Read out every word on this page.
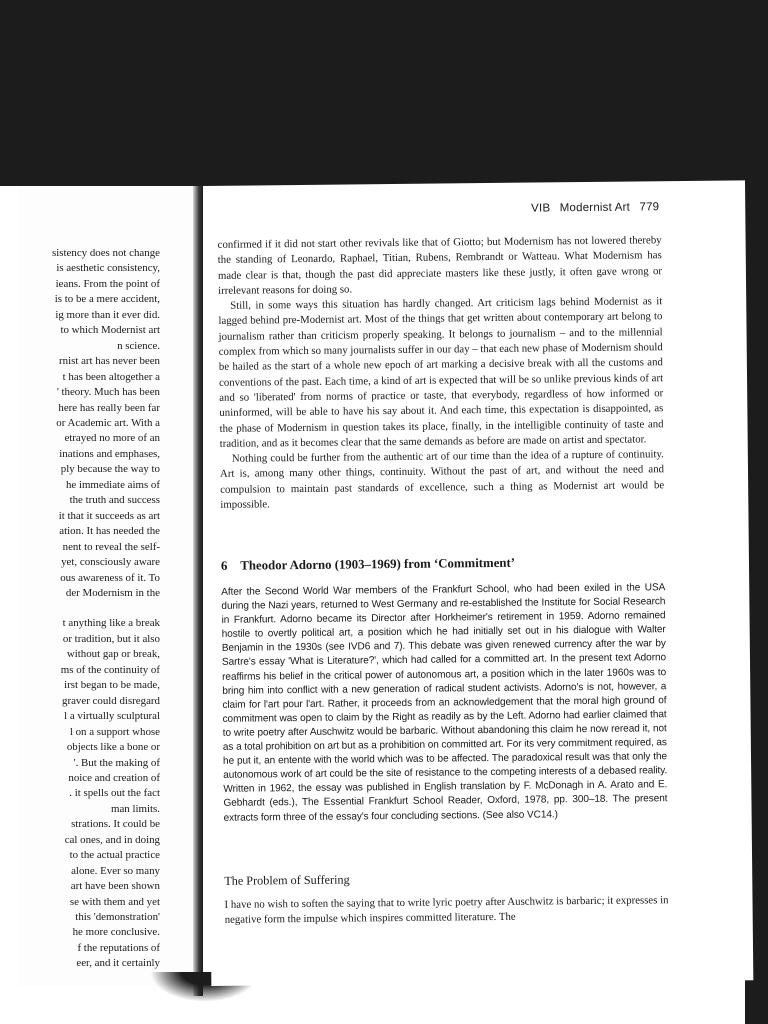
sistency does not change
is aesthetic consistency,
ieans. From the point of
is to be a mere accident,
ig more than it ever did.
to which Modernist art
n science.
rnist art has never been
t has been altogether a
' theory. Much has been
here has really been far
or Academic art. With a
etrayed no more of an
inations and emphases,
ply because the way to
he immediate aims of
the truth and success
it that it succeeds as art
ation. It has needed the
nent to reveal the self-
yet, consciously aware
ous awareness of it. To
der Modernism in the
t anything like a break
or tradition, but it also
without gap or break,
ms of the continuity of
irst began to be made,
graver could disregard
l a virtually sculptural
l on a support whose
objects like a bone or
'. But the making of
noice and creation of
. it spells out the fact
man limits.
strations. It could be
cal ones, and in doing
to the actual practice
alone. Ever so many
art have been shown
se with them and yet
this 'demonstration'
he more conclusive.
f the reputations of
eer, and it certainly
VIB Modernist Art 779

confirmed if it did not start other revivals like that of Giotto; but Modernism has not lowered thereby the standing of Leonardo, Raphael, Titian, Rubens, Rembrandt or Watteau. What Modernism has made clear is that, though the past did appreciate masters like these justly, it often gave wrong or irrelevant reasons for doing so.

Still, in some ways this situation has hardly changed. Art criticism lags behind Modernist as it lagged behind pre-Modernist art. Most of the things that get written about contemporary art belong to journalism rather than criticism properly speaking. It belongs to journalism – and to the millennial complex from which so many journalists suffer in our day – that each new phase of Modernism should be hailed as the start of a whole new epoch of art marking a decisive break with all the customs and conventions of the past. Each time, a kind of art is expected that will be so unlike previous kinds of art and so 'liberated' from norms of practice or taste, that everybody, regardless of how informed or uninformed, will be able to have his say about it. And each time, this expectation is disappointed, as the phase of Modernism in question takes its place, finally, in the intelligible continuity of taste and tradition, and as it becomes clear that the same demands as before are made on artist and spectator.

Nothing could be further from the authentic art of our time than the idea of a rupture of continuity. Art is, among many other things, continuity. Without the past of art, and without the need and compulsion to maintain past standards of excellence, such a thing as Modernist art would be impossible.

6 Theodor Adorno (1903–1969) from ‘Commitment’
After the Second World War members of the Frankfurt School, who had been exiled in the USA during the Nazi years, returned to West Germany and re-established the Institute for Social Research in Frankfurt. Adorno became its Director after Horkheimer's retirement in 1959. Adorno remained hostile to overtly political art, a position which he had initially set out in his dialogue with Walter Benjamin in the 1930s (see IVD6 and 7). This debate was given renewed currency after the war by Sartre's essay 'What is Literature?', which had called for a committed art. In the present text Adorno reaffirms his belief in the critical power of autonomous art, a position which in the later 1960s was to bring him into conflict with a new generation of radical student activists. Adorno's is not, however, a claim for l'art pour l'art. Rather, it proceeds from an acknowledgement that the moral high ground of commitment was open to claim by the Right as readily as by the Left. Adorno had earlier claimed that to write poetry after Auschwitz would be barbaric. Without abandoning this claim he now reread it, not as a total prohibition on art but as a prohibition on committed art. For its very commitment required, as he put it, an entente with the world which was to be affected. The paradoxical result was that only the autonomous work of art could be the site of resistance to the competing interests of a debased reality. Written in 1962, the essay was published in English translation by F. McDonagh in A. Arato and E. Gebhardt (eds.), The Essential Frankfurt School Reader, Oxford, 1978, pp. 300–18. The present extracts form three of the essay's four concluding sections. (See also VC14.)
The Problem of Suffering
I have no wish to soften the saying that to write lyric poetry after Auschwitz is barbaric; it expresses in negative form the impulse which inspires committed literature. The
